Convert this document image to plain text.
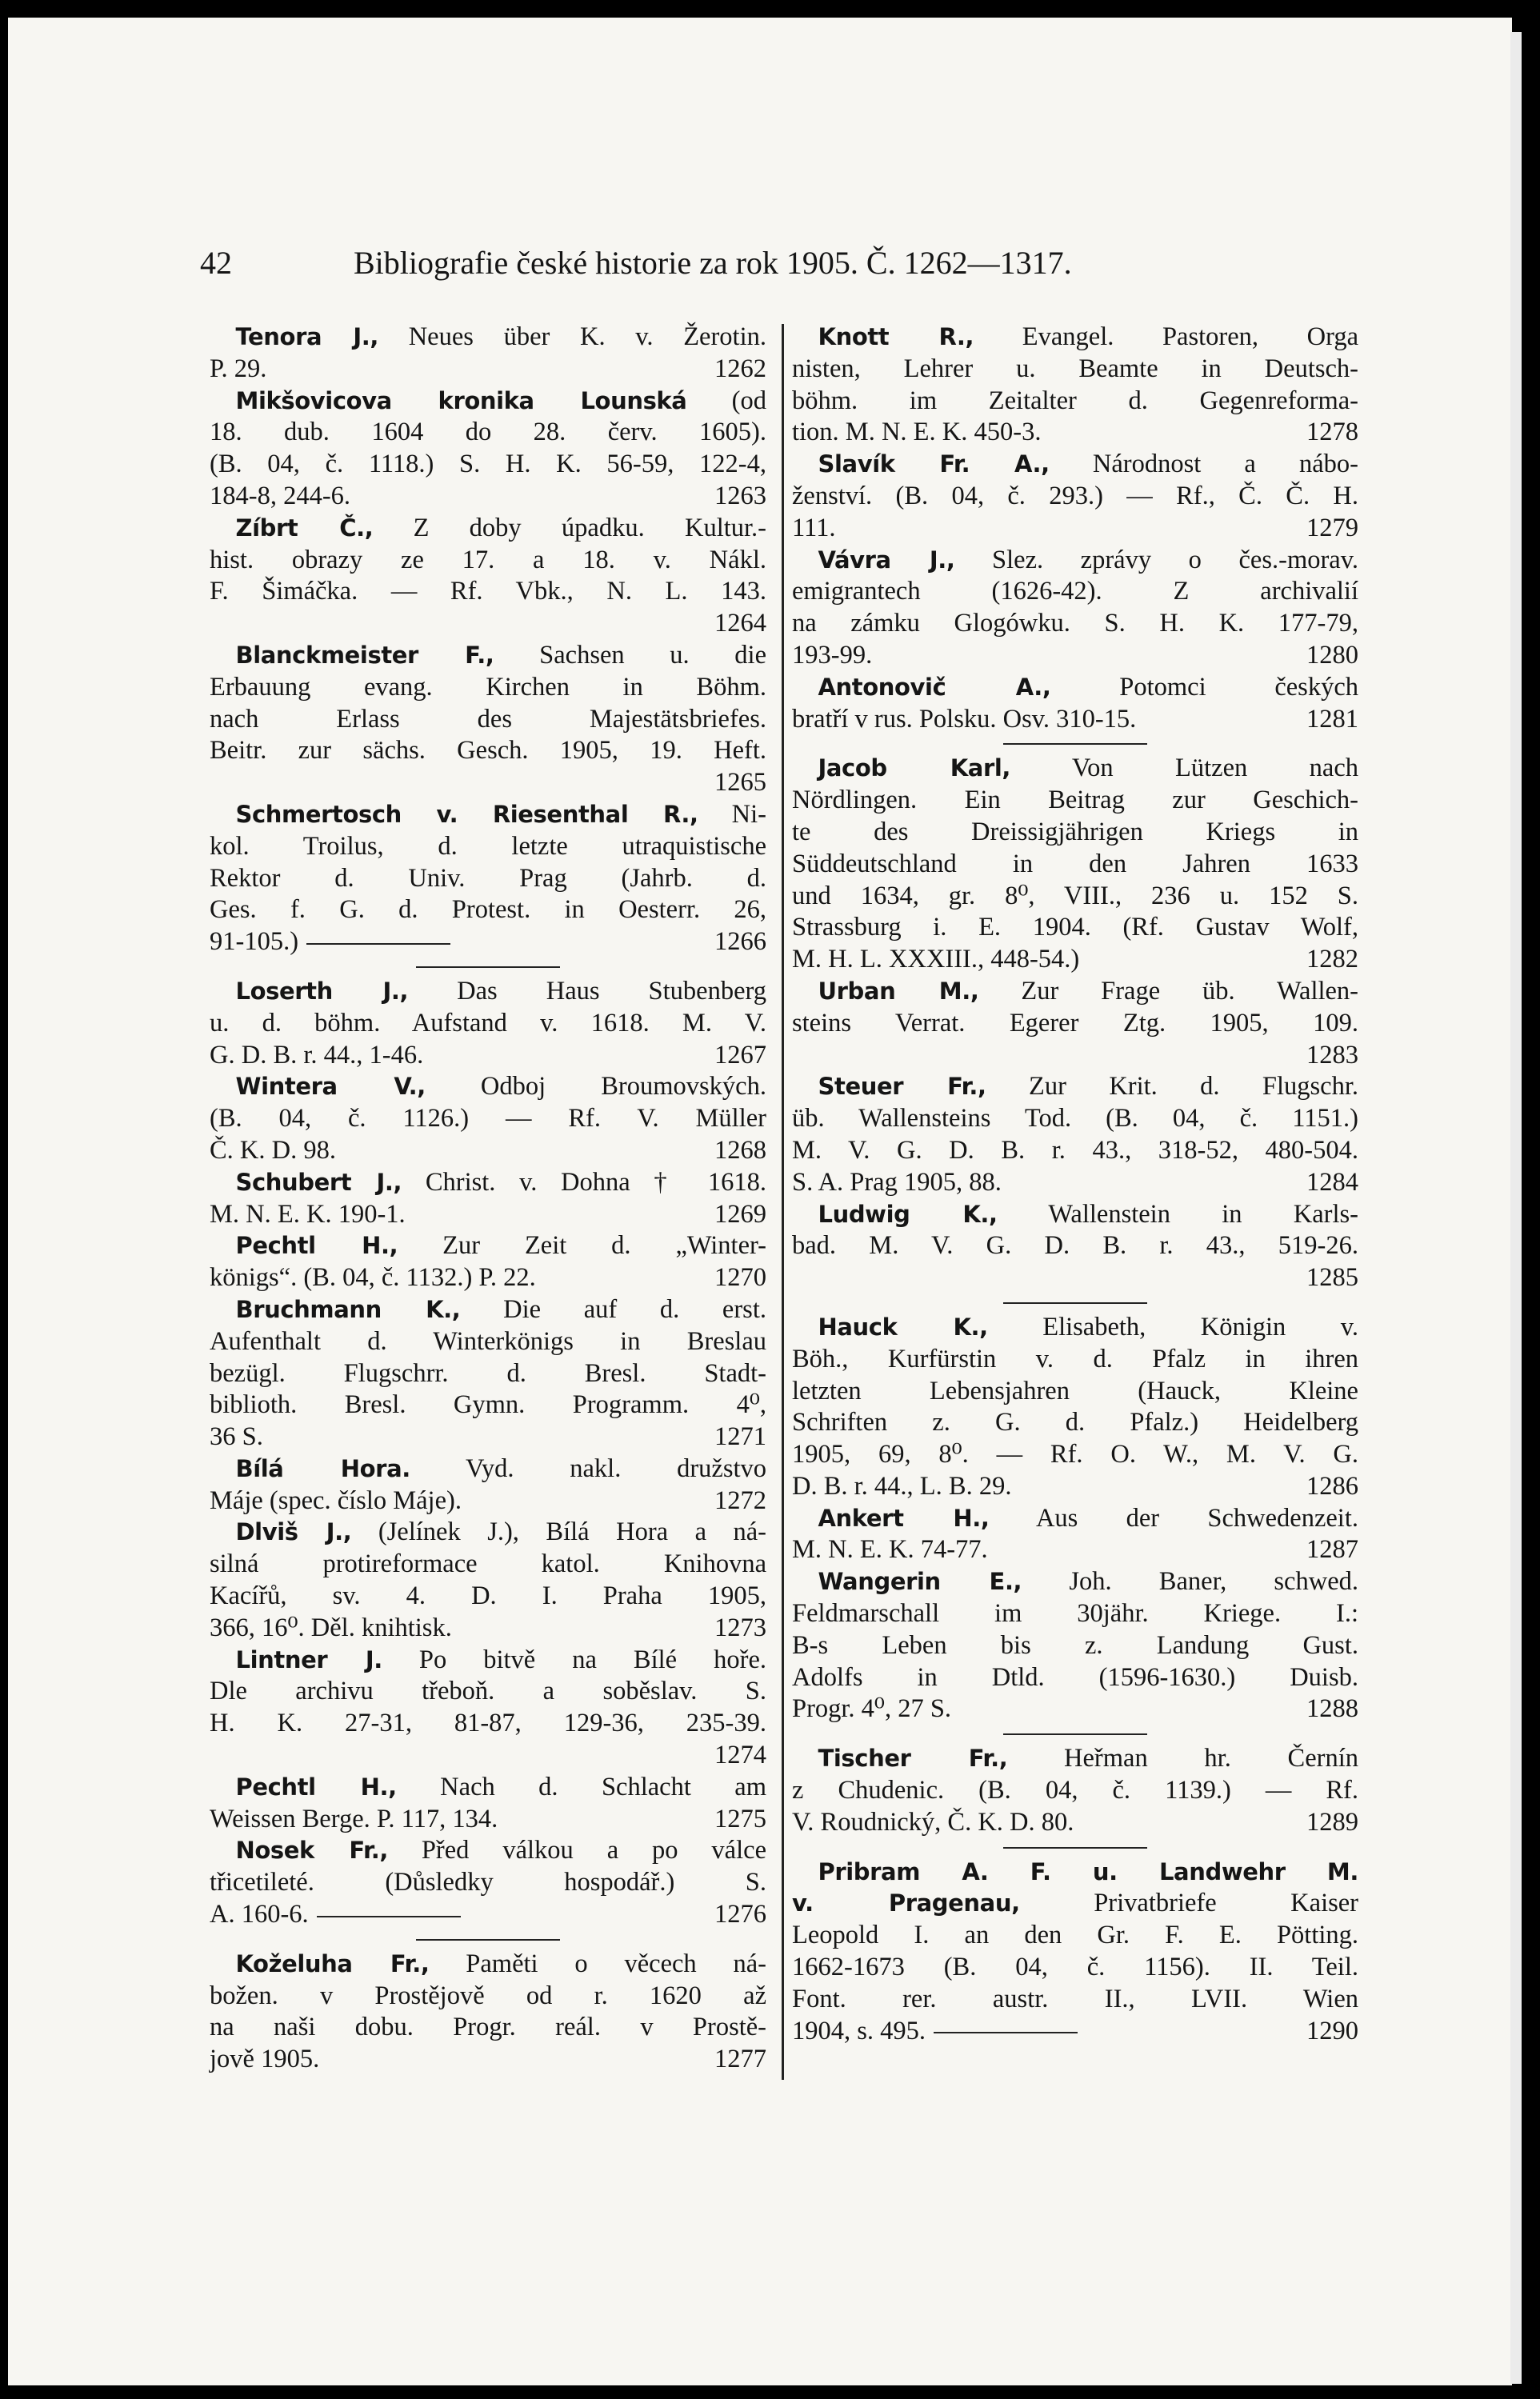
42	Bibliografie české historie za rok 1905. Č. 1262—1317.
 Tenora J., Neues über K. v. Žerotin.
P. 29.	1262
 Mikšovicova kronika Lounská (od
18. dub. 1604 do 28. červ. 1605).
(B. 04, č. 1118.) S. H. K. 56-59, 122-4,
184-8, 244-6.	1263
 Zíbrt Č., Z doby úpadku. Kultur.-
hist. obrazy ze 17. a 18. v. Nákl.
F. Šimáčka. — Rf. Vbk., N. L. 143.
1264
 Blanckmeister F., Sachsen u. die
Erbauung evang. Kirchen in Böhm.
nach Erlass des Majestätsbriefes.
Beitr. zur sächs. Gesch. 1905, 19. Heft.
1265
 Schmertosch v. Riesenthal R., Ni-
kol. Troilus, d. letzte utraquistische
Rektor d. Univ. Prag (Jahrb. d.
Ges. f. G. d. Protest. in Oesterr. 26,
91-105.)	1266
 Loserth J., Das Haus Stubenberg
u. d. böhm. Aufstand v. 1618. M. V.
G. D. B. r. 44., 1-46.	1267
 Wintera V., Odboj Broumovských.
(B. 04, č. 1126.) — Rf. V. Müller
Č. K. D. 98.	1268
 Schubert J., Christ. v. Dohna † 1618.
M. N. E. K. 190-1.	1269
 Pechtl H., Zur Zeit d. „Winter-
königs“. (B. 04, č. 1132.) P. 22.	1270
 Bruchmann K., Die auf d. erst.
Aufenthalt d. Winterkönigs in Breslau
bezügl. Flugschrr. d. Bresl. Stadt-
biblioth. Bresl. Gymn. Programm. 4⁰,
36 S.	1271
 Bílá Hora. Vyd. nakl. družstvo
Máje (spec. číslo Máje).	1272
 Dlviš J., (Jelínek J.), Bílá Hora a ná-
silná protireformace katol. Knihovna
Kacířů, sv. 4. D. I. Praha 1905,
366, 16⁰. Děl. knihtisk.	1273
 Lintner J. Po bitvě na Bílé hoře.
Dle archivu třeboň. a soběslav. S.
H. K. 27-31, 81-87, 129-36, 235-39.
1274
 Pechtl H., Nach d. Schlacht am
Weissen Berge. P. 117, 134.	1275
 Nosek Fr., Před válkou a po válce
třicetileté. (Důsledky hospodář.) S.
A. 160-6.	1276
 Koželuha Fr., Paměti o věcech ná-
božen. v Prostějově od r. 1620 až
na naši dobu. Progr. reál. v Prostě-
jově 1905.	1277
 Knott R., Evangel. Pastoren, Orga
nisten, Lehrer u. Beamte in Deutsch-
böhm. im Zeitalter d. Gegenreforma-
tion. M. N. E. K. 450-3.	1278
 Slavík Fr. A., Národnost a nábo-
ženství. (B. 04, č. 293.) — Rf., Č. Č. H.
111.	1279
 Vávra J., Slez. zprávy o čes.-morav.
emigrantech (1626-42). Z archivalií
na zámku Glogówku. S. H. K. 177-79,
193-99.	1280
 Antonovič A., Potomci českých
bratří v rus. Polsku. Osv. 310-15.	1281
 Jacob Karl, Von Lützen nach
Nördlingen. Ein Beitrag zur Geschich-
te des Dreissigjährigen Kriegs in
Süddeutschland in den Jahren 1633
und 1634, gr. 8⁰, VIII., 236 u. 152 S.
Strassburg i. E. 1904. (Rf. Gustav Wolf,
M. H. L. XXXIII., 448-54.)	1282
 Urban M., Zur Frage üb. Wallen-
steins Verrat. Egerer Ztg. 1905, 109.
1283
 Steuer Fr., Zur Krit. d. Flugschr.
üb. Wallensteins Tod. (B. 04, č. 1151.)
M. V. G. D. B. r. 43., 318-52, 480-504.
S. A. Prag 1905, 88.	1284
 Ludwig K., Wallenstein in Karls-
bad. M. V. G. D. B. r. 43., 519-26.
1285
 Hauck K., Elisabeth, Königin v.
Böh., Kurfürstin v. d. Pfalz in ihren
letzten Lebensjahren (Hauck, Kleine
Schriften z. G. d. Pfalz.) Heidelberg
1905, 69, 8⁰. — Rf. O. W., M. V. G.
D. B. r. 44., L. B. 29.	1286
 Ankert H., Aus der Schwedenzeit.
M. N. E. K. 74-77.	1287
 Wangerin E., Joh. Baner, schwed.
Feldmarschall im 30jähr. Kriege. I.:
B-s Leben bis z. Landung Gust.
Adolfs in Dtld. (1596-1630.) Duisb.
Progr. 4⁰, 27 S.	1288
 Tischer Fr., Heřman hr. Černín
z Chudenic. (B. 04, č. 1139.) — Rf.
V. Roudnický, Č. K. D. 80.	1289
 Pribram A. F. u. Landwehr M.
v. Pragenau, Privatbriefe Kaiser
Leopold I. an den Gr. F. E. Pötting.
1662-1673 (B. 04, č. 1156). II. Teil.
Font. rer. austr. II., LVII. Wien
1904, s. 495.	1290
